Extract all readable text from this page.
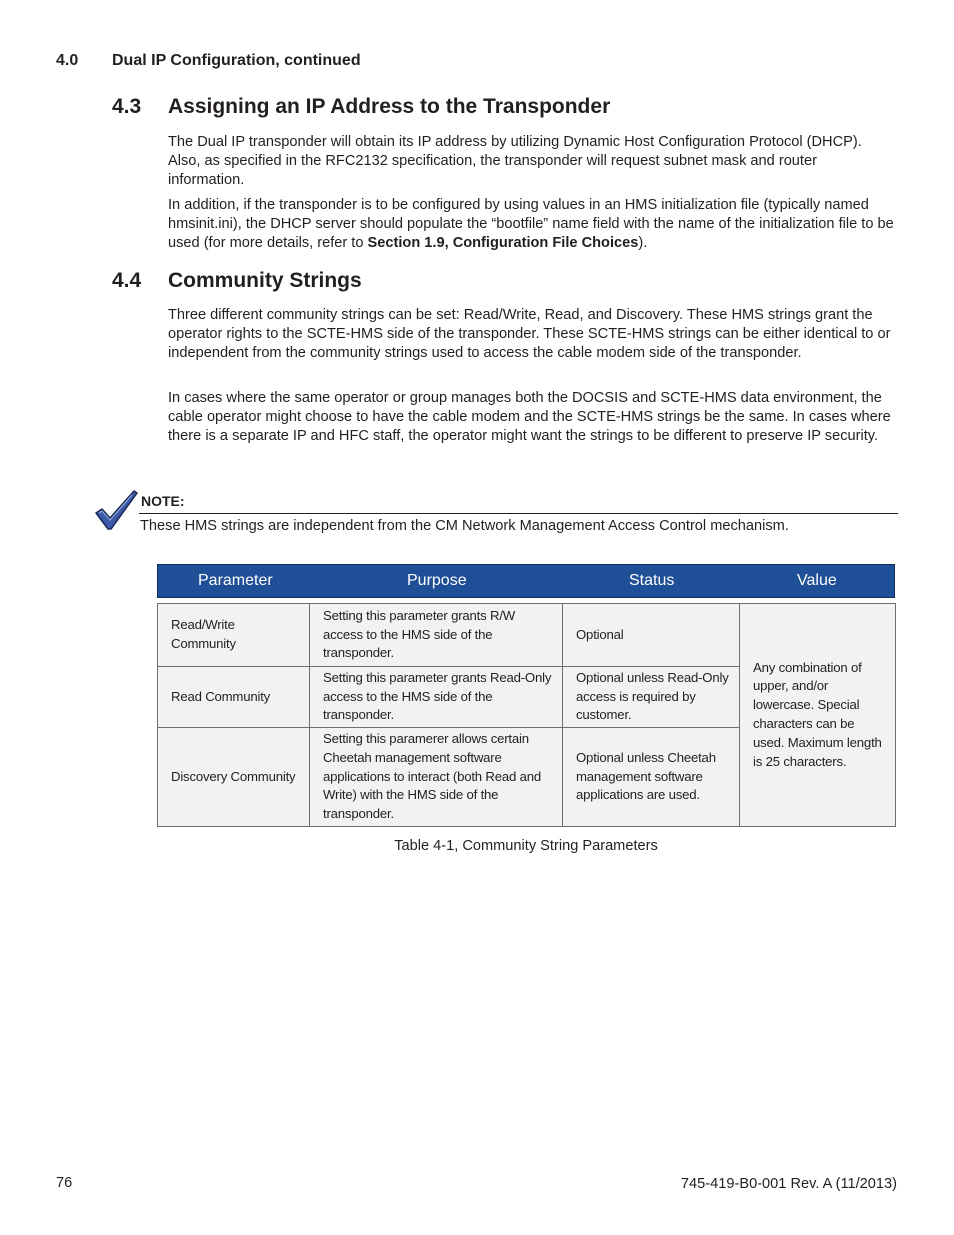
4.0 Dual IP Configuration, continued
4.3 Assigning an IP Address to the Transponder

The Dual IP transponder will obtain its IP address by utilizing Dynamic Host Configuration Protocol (DHCP). Also, as specified in the RFC2132 specification, the transponder will request subnet mask and router information.

In addition, if the transponder is to be configured by using values in an HMS initialization file (typically named hmsinit.ini), the DHCP server should populate the “bootfile” name field with the name of the initialization file to be used (for more details, refer to Section 1.9, Configuration File Choices).

4.4 Community Strings

Three different community strings can be set: Read/Write, Read, and Discovery. These HMS strings grant the operator rights to the SCTE-HMS side of the transponder. These SCTE-HMS strings can be either identical to or independent from the community strings used to access the cable modem side of the transponder.

In cases where the same operator or group manages both the DOCSIS and SCTE-HMS data environment, the cable operator might choose to have the cable modem and the SCTE-HMS strings be the same. In cases where there is a separate IP and HFC staff, the operator might want the strings to be different to preserve IP security.

NOTE:
These HMS strings are independent from the CM Network Management Access Control mechanism.
Parameter	Purpose	Status	Value
Read/Write Community	Setting this parameter grants R/W access to the HMS side of the transponder.	Optional	Any combination of upper, and/or lowercase. Special characters can be used. Maximum length is 25 characters.
Read Community	Setting this parameter grants Read-Only access to the HMS side of the transponder.	Optional unless Read-Only access is required by customer.	
Discovery Community	Setting this paramerer allows certain Cheetah management software applications to interact (both Read and Write) with the HMS side of the transponder.	Optional unless Cheetah management software applications are used.	
Table 4-1, Community String Parameters
76	745-419-B0-001 Rev. A (11/2013)
